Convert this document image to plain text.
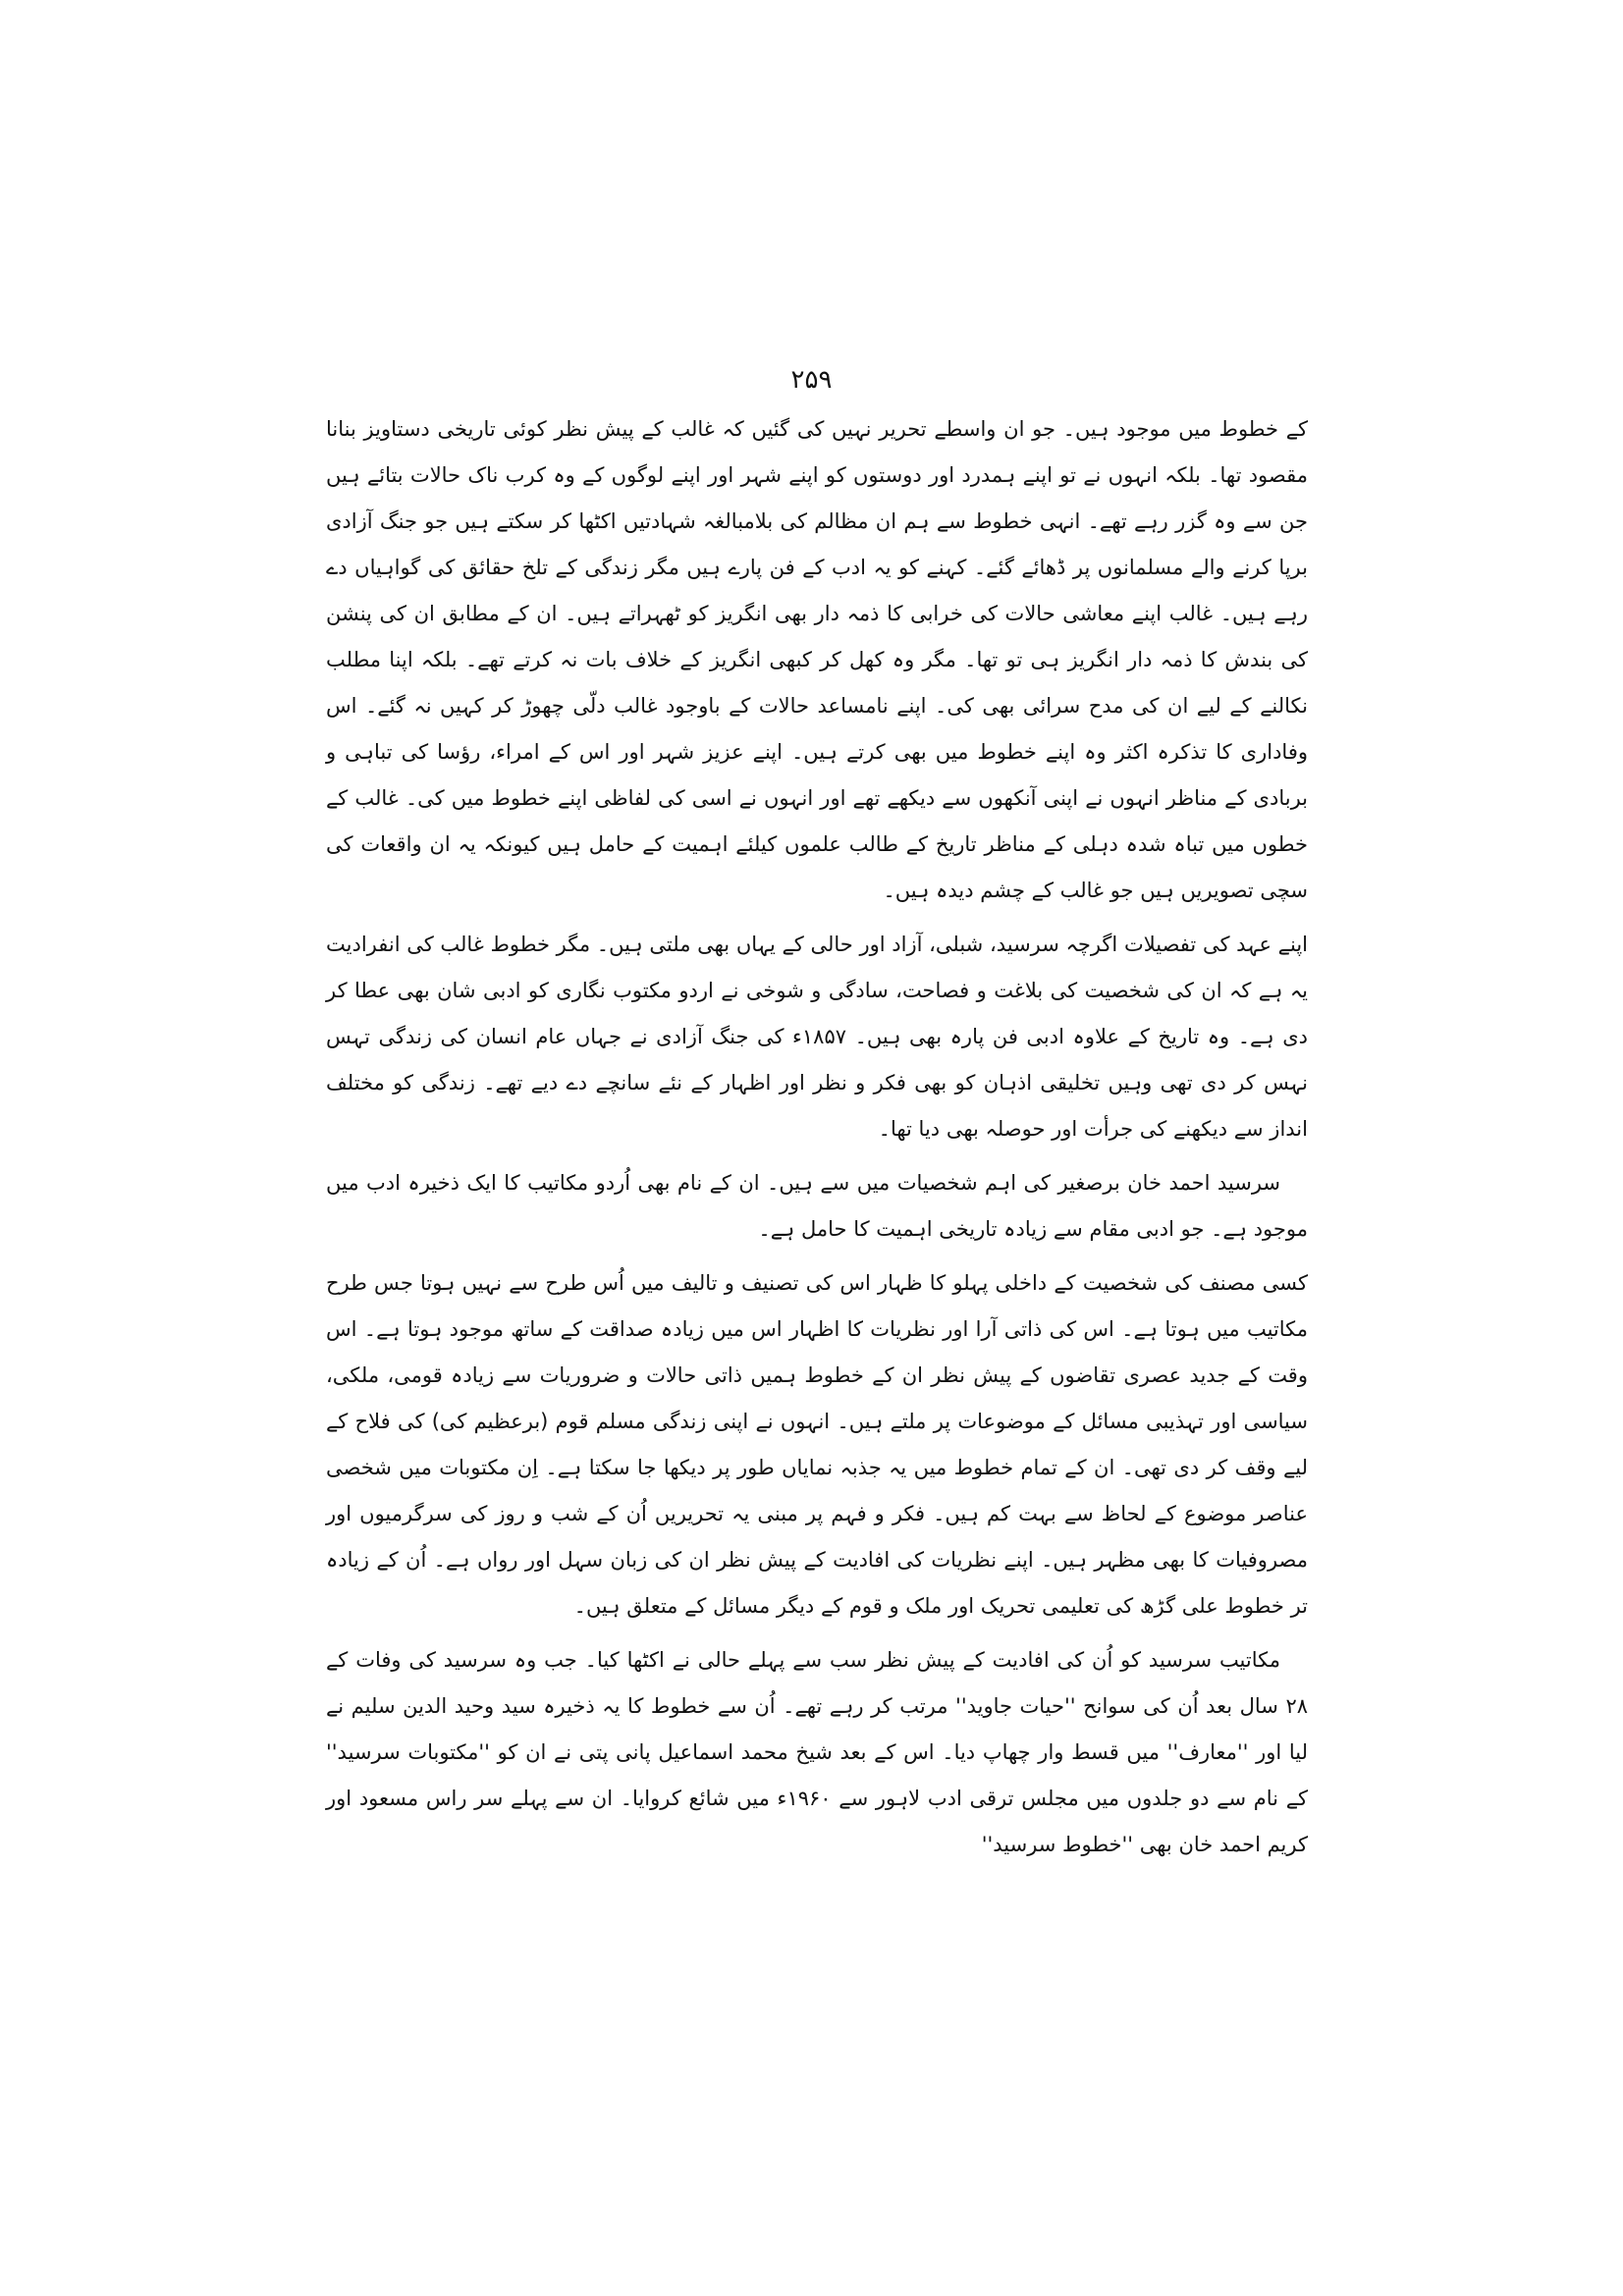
۲۵۹

کے خطوط میں موجود ہیں۔ جو ان واسطے تحریر نہیں کی گئیں کہ غالب کے پیش نظر کوئی تاریخی دستاویز بنانا مقصود تھا۔ بلکہ انہوں نے تو اپنے ہمدرد اور دوستوں کو اپنے شہر اور اپنے لوگوں کے وہ کرب ناک حالات بتائے ہیں جن سے وہ گزر رہے تھے۔ انہی خطوط سے ہم ان مظالم کی بلامبالغہ شہادتیں اکٹھا کر سکتے ہیں جو جنگ آزادی برپا کرنے والے مسلمانوں پر ڈھائے گئے۔ کہنے کو یہ ادب کے فن پارے ہیں مگر زندگی کے تلخ حقائق کی گواہیاں دے رہے ہیں۔ غالب اپنے معاشی حالات کی خرابی کا ذمہ دار بھی انگریز کو ٹھہراتے ہیں۔ ان کے مطابق ان کی پنشن کی بندش کا ذمہ دار انگریز ہی تو تھا۔ مگر وہ کھل کر کبھی انگریز کے خلاف بات نہ کرتے تھے۔ بلکہ اپنا مطلب نکالنے کے لیے ان کی مدح سرائی بھی کی۔ اپنے نامساعد حالات کے باوجود غالب دلّی چھوڑ کر کہیں نہ گئے۔ اس وفاداری کا تذکرہ اکثر وہ اپنے خطوط میں بھی کرتے ہیں۔ اپنے عزیز شہر اور اس کے امراء، رؤسا کی تباہی و بربادی کے مناظر انہوں نے اپنی آنکھوں سے دیکھے تھے اور انہوں نے اسی کی لفاظی اپنے خطوط میں کی۔ غالب کے خطوں میں تباہ شدہ دہلی کے مناظر تاریخ کے طالب علموں کیلئے اہمیت کے حامل ہیں کیونکہ یہ ان واقعات کی سچی تصویریں ہیں جو غالب کے چشم دیدہ ہیں۔

اپنے عہد کی تفصیلات اگرچہ سرسید، شبلی، آزاد اور حالی کے یہاں بھی ملتی ہیں۔ مگر خطوط غالب کی انفرادیت یہ ہے کہ ان کی شخصیت کی بلاغت و فصاحت، سادگی و شوخی نے اردو مکتوب نگاری کو ادبی شان بھی عطا کر دی ہے۔ وہ تاریخ کے علاوہ ادبی فن پارہ بھی ہیں۔ ۱۸۵۷ء کی جنگ آزادی نے جہاں عام انسان کی زندگی تہس نہس کر دی تھی وہیں تخلیقی اذہان کو بھی فکر و نظر اور اظہار کے نئے سانچے دے دیے تھے۔ زندگی کو مختلف انداز سے دیکھنے کی جرأت اور حوصلہ بھی دیا تھا۔

سرسید احمد خان برصغیر کی اہم شخصیات میں سے ہیں۔ ان کے نام بھی اُردو مکاتیب کا ایک ذخیرہ ادب میں موجود ہے۔ جو ادبی مقام سے زیادہ تاریخی اہمیت کا حامل ہے۔

کسی مصنف کی شخصیت کے داخلی پہلو کا ظہار اس کی تصنیف و تالیف میں اُس طرح سے نہیں ہوتا جس طرح مکاتیب میں ہوتا ہے۔ اس کی ذاتی آرا اور نظریات کا اظہار اس میں زیادہ صداقت کے ساتھ موجود ہوتا ہے۔ اس وقت کے جدید عصری تقاضوں کے پیش نظر ان کے خطوط ہمیں ذاتی حالات و ضروریات سے زیادہ قومی، ملکی، سیاسی اور تہذیبی مسائل کے موضوعات پر ملتے ہیں۔ انہوں نے اپنی زندگی مسلم قوم (برعظیم کی) کی فلاح کے لیے وقف کر دی تھی۔ ان کے تمام خطوط میں یہ جذبہ نمایاں طور پر دیکھا جا سکتا ہے۔ اِن مکتوبات میں شخصی عناصر موضوع کے لحاظ سے بہت کم ہیں۔ فکر و فہم پر مبنی یہ تحریریں اُن کے شب و روز کی سرگرمیوں اور مصروفیات کا بھی مظہر ہیں۔ اپنے نظریات کی افادیت کے پیش نظر ان کی زبان سہل اور رواں ہے۔ اُن کے زیادہ تر خطوط علی گڑھ کی تعلیمی تحریک اور ملک و قوم کے دیگر مسائل کے متعلق ہیں۔

مکاتیب سرسید کو اُن کی افادیت کے پیش نظر سب سے پہلے حالی نے اکٹھا کیا۔ جب وہ سرسید کی وفات کے ۲۸ سال بعد اُن کی سوانح ''حیات جاوید'' مرتب کر رہے تھے۔ اُن سے خطوط کا یہ ذخیرہ سید وحید الدین سلیم نے لیا اور ''معارف'' میں قسط وار چھاپ دیا۔ اس کے بعد شیخ محمد اسماعیل پانی پتی نے ان کو ''مکتوبات سرسید'' کے نام سے دو جلدوں میں مجلس ترقی ادب لاہور سے ۱۹۶۰ء میں شائع کروایا۔ ان سے پہلے سر راس مسعود اور کریم احمد خان بھی ''خطوط سرسید''
